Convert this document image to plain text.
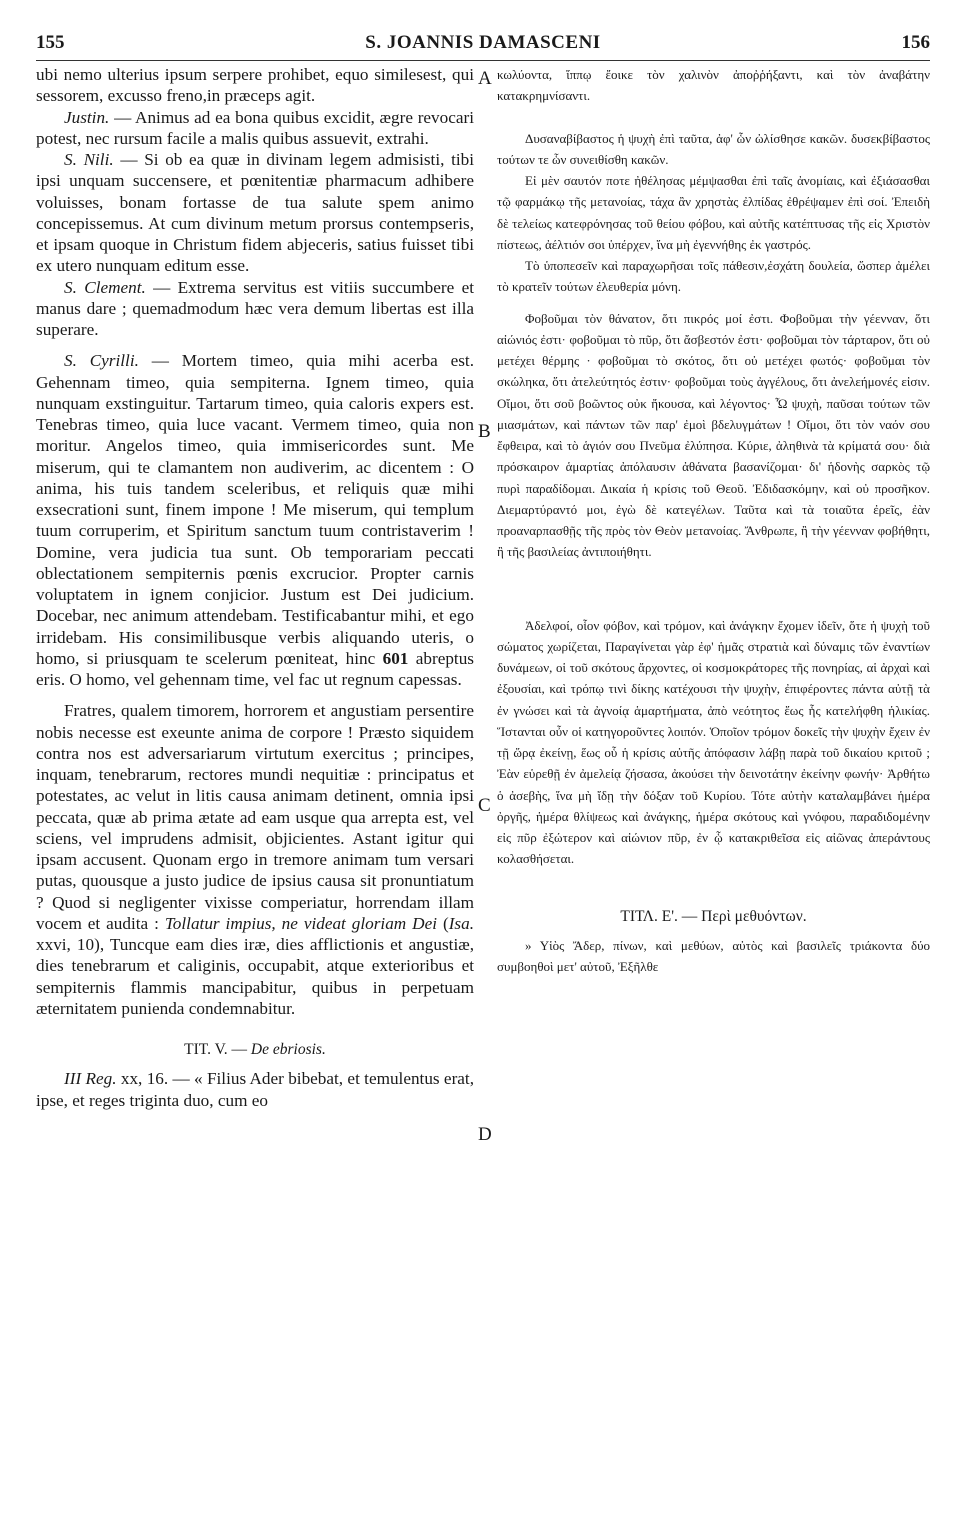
155	S. JOANNIS DAMASCENI	156

ubi nemo ulterius ipsum serpere prohibet, equo similesest, qui sessorem, excusso freno,in præceps agit.

Justin. — Animus ad ea bona quibus excidit, ægre revocari potest, nec rursum facile a malis quibus assuevit, extrahi.

S. Nili. — Si ob ea quæ in divinam legem admisisti, tibi ipsi unquam succensere, et pœnitentiæ pharmacum adhibere voluisses, bonam fortasse de tua salute spem animo concepissemus. At cum divinum metum prorsus contempseris, et ipsam quoque in Christum fidem abjeceris, satius fuisset tibi ex utero nunquam editum esse.

S. Clement. — Extrema servitus est vitiis succumbere et manus dare ; quemadmodum hæc vera demum libertas est illa superare.

S. Cyrilli. — Mortem timeo, quia mihi acerba est. Gehennam timeo, quia sempiterna. Ignem timeo, quia nunquam exstinguitur. Tartarum timeo, quia caloris expers est. Tenebras timeo, quia luce vacant. Vermem timeo, quia non moritur. Angelos timeo, quia immisericordes sunt. Me miserum, qui te clamantem non audiverim, ac dicentem : O anima, his tuis tandem sceleribus, et reliquis quæ mihi exsecrationi sunt, finem impone ! Me miserum, qui templum tuum corruperim, et Spiritum sanctum tuum contristaverim ! Domine, vera judicia tua sunt. Ob temporariam peccati oblectationem sempiternis pœnis excrucior. Propter carnis voluptatem in ignem conjicior. Justum est Dei judicium. Docebar, nec animum attendebam. Testificabantur mihi, et ego irridebam. His consimilibusque verbis aliquando uteris, o homo, si priusquam te scelerum pœniteat, hinc 601 abreptus eris. O homo, vel gehennam time, vel fac ut regnum capessas.

Fratres, qualem timorem, horrorem et angustiam persentire nobis necesse est exeunte anima de corpore ! Præsto siquidem contra nos est adversariarum virtutum exercitus ; principes, inquam, tenebrarum, rectores mundi nequitiæ : principatus et potestates, ac velut in litis causa animam detinent, omnia ipsi peccata, quæ ab prima ætate ad eam usque qua arrepta est, vel sciens, vel imprudens admisit, objicientes. Astant igitur qui ipsam accusent. Quonam ergo in tremore animam tum versari putas, quousque a justo judice de ipsius causa sit pronuntiatum ? Quod si negligenter vixisse comperiatur, horrendam illam vocem et audita : Tollatur impius, ne videat gloriam Dei (Isa. xxvi, 10), Tuncque eam dies iræ, dies afflictionis et angustiæ, dies tenebrarum et caliginis, occupabit, atque exterioribus et sempiternis flammis mancipabitur, quibus in perpetuam æternitatem punienda condemnabitur.

TIT. V. — De ebriosis.

III Reg. xx, 16. — « Filius Ader bibebat, et temulentus erat, ipse, et reges triginta duo, cum eo

A
B
C
D

κωλύοντα, ἵππῳ ἔοικε τὸν χαλινὸν ἀποῤῥήξαντι, καὶ τὸν ἀναβάτην κατακρημνίσαντι.

Δυσαναβίβαστος ἡ ψυχὴ ἐπὶ ταῦτα, ἀφ' ὧν ὠλίσθησε κακῶν. δυσεκβίβαστος τούτων τε ὧν συνειθίσθη κακῶν.

Εἰ μὲν σαυτόν ποτε ἠθέλησας μέμψασθαι ἐπὶ ταῖς ἀνομίαις, καὶ ἐξιάσασθαι τῷ φαρμάκῳ τῆς μετανοίας, τάχα ἂν χρηστὰς ἐλπίδας ἐθρέψαμεν ἐπὶ σοί. Ἐπειδὴ δὲ τελείως κατεφρόνησας τοῦ θείου φόβου, καὶ αὐτῆς κατέπτυσας τῆς εἰς Χριστὸν πίστεως, ἀέλτιόν σοι ὑπέρχεν, ἵνα μὴ ἐγεννήθης ἐκ γαστρός.

Τὸ ὑποπεσεῖν καὶ παραχωρῆσαι τοῖς πάθεσιν,ἐσχάτη δουλεία, ὥσπερ ἀμέλει τὸ κρατεῖν τούτων ἐλευθερία μόνη.

Φοβοῦμαι τὸν θάνατον, ὅτι πικρός μοί ἐστι. Φοβοῦμαι τὴν γέενναν, ὅτι αἰώνιός ἐστι· φοβοῦμαι τὸ πῦρ, ὅτι ἄσβεστόν ἐστι· φοβοῦμαι τὸν τάρταρον, ὅτι οὐ μετέχει θέρμης · φοβοῦμαι τὸ σκότος, ὅτι οὐ μετέχει φωτός· φοβοῦμαι τὸν σκώληκα, ὅτι ἀτελεύτητός ἐστιν· φοβοῦμαι τοὺς ἀγγέλους, ὅτι ἀνελεήμονές εἰσιν. Οἴμοι, ὅτι σοῦ βοῶντος οὐκ ἤκουσα, καὶ λέγοντος· Ὦ ψυχὴ, παῦσαι τούτων τῶν μιασμάτων, καὶ πάντων τῶν παρ' ἐμοὶ βδελυγμάτων ! Οἴμοι, ὅτι τὸν ναόν σου ἔφθειρα, καὶ τὸ ἁγιόν σου Πνεῦμα ἐλύπησα. Κύριε, ἀληθινὰ τὰ κρίματά σου· διὰ πρόσκαιρον ἁμαρτίας ἀπόλαυσιν ἀθάνατα βασανίζομαι· δι' ἡδονὴς σαρκὸς τῷ πυρὶ παραδίδομαι. Δικαία ἡ κρίσις τοῦ Θεοῦ. Ἐδιδασκόμην, καὶ οὐ προσῆκον. Διεμαρτύραντό μοι, ἐγὼ δὲ κατεγέλων. Ταῦτα καὶ τὰ τοιαῦτα ἐρεῖς, ἐὰν προαναρπασθῇς τῆς πρὸς τὸν Θεὸν μετανοίας. Ἄνθρωπε, ἢ τὴν γέενναν φοβήθητι, ἢ τῆς βασιλείας ἀντιποιήθητι.

Ἀδελφοί, οἷον φόβον, καὶ τρόμον, καὶ ἀνάγκην ἔχομεν ἰδεῖν, ὅτε ἡ ψυχὴ τοῦ σώματος χωρίζεται, Παραγίνεται γὰρ ἐφ' ἡμᾶς στρατιὰ καὶ δύναμις τῶν ἐναντίων δυνάμεων, οἱ τοῦ σκότους ἄρχοντες, οἱ κοσμοκράτορες τῆς πονηρίας, αἱ ἀρχαὶ καὶ ἐξουσίαι, καὶ τρόπῳ τινὶ δίκης κατέχουσι τὴν ψυχὴν, ἐπιφέροντες πάντα αὐτῇ τὰ ἐν γνώσει καὶ τὰ ἀγνοίᾳ ἁμαρτήματα, ἀπὸ νεότητος ἕως ἧς κατελήφθη ἡλικίας. Ἵστανται οὖν οἱ κατηγοροῦντες λοιπόν. Ὁποῖον τρόμον δοκεῖς τὴν ψυχὴν ἔχειν ἐν τῇ ὥρᾳ ἐκείνῃ, ἕως οὗ ἡ κρίσις αὐτῆς ἀπόφασιν λάβῃ παρὰ τοῦ δικαίου κριτοῦ ; Ἐὰν εὑρεθῇ ἐν ἀμελείᾳ ζήσασα, ἀκούσει τὴν δεινοτάτην ἐκείνην φωνήν· Ἀρθήτω ὁ ἀσεβὴς, ἵνα μὴ ἴδῃ τὴν δόξαν τοῦ Κυρίου. Τότε αὐτὴν καταλαμβάνει ἡμέρα ὀργῆς, ἡμέρα θλίψεως καὶ ἀνάγκης, ἡμέρα σκότους καὶ γνόφου, παραδιδομένην εἰς πῦρ ἐξώτερον καὶ αἰώνιον πῦρ, ἐν ᾧ κατακριθεῖσα εἰς αἰῶνας ἀπεράντους κολασθήσεται.

ΤΙΤΛ. Ε'. — Περὶ μεθυόντων.

» Υἱὸς Ἄδερ, πίνων, καὶ μεθύων, αὐτὸς καὶ βασιλεῖς τριάκοντα δύο συμβοηθοὶ μετ' αὐτοῦ, Ἐξῆλθε
